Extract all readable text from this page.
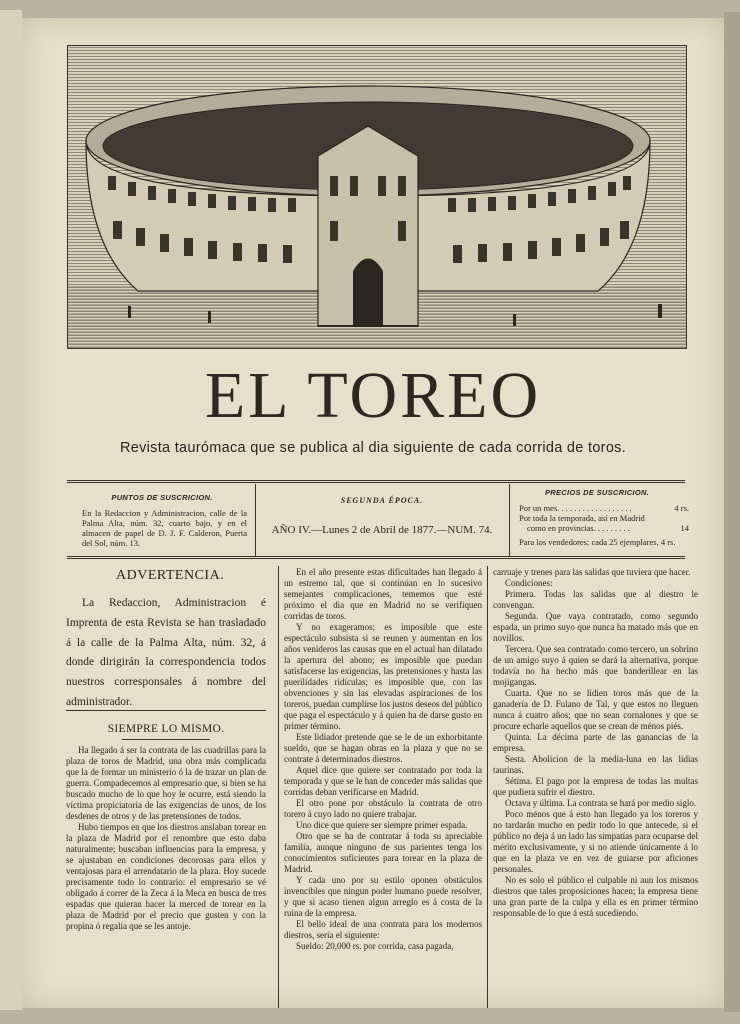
EL TOREO
Revista taurómaca que se publica al dia siguiente de cada corrida de toros.
PUNTOS DE SUSCRICION.
En la Redaccion y Administracion, calle de la Palma Alta, núm. 32, cuarto bajo, y en el almacen de papel de D. J. F. Calderon, Puerta del Sol, núm. 13.
SEGUNDA ÉPOCA.
AÑO IV.—Lunes 2 de Abril de 1877.—NUM. 74.
PRECIOS DE SUSCRICION.
Por un mes. . . . . . . . . . . . . . . . . .	4 rs.
Por toda la temporada, así en Madrid
como en provincias. . . . . . . . .	14
Para los vendedores: cada 25 ejemplares, 4 rs.
ADVERTENCIA.

La Redaccion, Administracion é Imprenta de esta Revista se han trasladado á la calle de la Palma Alta, núm. 32, á donde dirigirán la correspondencia todos nuestros corresponsales á nombre del administrador.

SIEMPRE LO MISMO.

Ha llegado á ser la contrata de las cuadrillas para la plaza de toros de Madrid, una obra más complicada que la de formar un ministerio ó la de trazar un plan de guerra. Compadecemos al empresario que, si bien se ha buscado mucho de lo que hoy le ocurre, está siendo la víctima propiciatoria de las exigencias de unos, de los desdenes de otros y de las pretensiones de todos.

Hubo tiempos en que los diestros anslaban torear en la plaza de Madrid por el renombre que esto daba naturalmente; buscaban influencias para la empresa, y se ajustaban en condiciones decorosas para ellos y ventajosas para el arrendatario de la plaza. Hoy sucede precisamente todo lo contrario: el empresario se vé obligado á correr de la Zeca á la Meca en busca de tres espadas que quieran hacer la merced de torear en la plaza de Madrid por el precio que gusten y con la propina ó regalía que se les antoje.

En el año presente estas dificultades han llegado á un estremo tal, que si continúan en lo sucesivo semejantes complicaciones, tememos que esté próximo el dia que en Madrid no se verifiquen corridas de toros.

Y no exageramos; es imposible que este espectáculo subsista si se reunen y aumentan en los años venideros las causas que en el actual han dilatado la apertura del abono; es imposible que puedan satisfacerse las exigencias, las pretensiones y hasta las puerilidades ridículas; es imposible que, con las obvenciones y sin las elevadas aspiraciones de los toreros, puedan cumplirse los justos deseos del público que paga el espectáculo y á quien ha de darse gusto en primer término.

Este lidiador pretende que se le de un exhorbitante sueldo, que se hagan obras en la plaza y que no se contrate á determinados diestros.

Aquel dice que quiere ser contratado por toda la temporada y que se le han de conceder más salidas que corridas deban verificarse en Madrid.

El otro pone por obstáculo la contrata de otro torero á cuyo lado no quiere trabajar.

Uno dice que quiere ser siempre primer espada.

Otro que se ha de contratar á toda su apreciable familia, aunque ninguno de sus parientes tenga los conocimientos suficientes para torear en la plaza de Madrid.

Y cada uno por su estilo oponen obstáculos invencibles que ningun poder humano puede resolver, y que si acaso tienen algun arreglo es á costa de la ruina de la empresa.

El bello ideal de una contrata para los modernos diestros, sería el siguiente:

Sueldo: 20,000 rs. por corrida, casa pagada,

carruaje y trenes para las salidas que tuviera que hacer.

Condiciones:

Primera. Todas las salidas que al diestro le convengan.

Segunda. Que vaya contratado, como segundo espada, un primo suyo que nunca ha matado más que en novillos.

Tercera. Que sea contratado como tercero, un sobrino de un amigo suyo á quien se dará la alternativa, porque todavía no ha hecho más que banderillear en las mojigangas.

Cuarta. Que no se lidien toros más que de la ganadería de D. Fulano de Tal, y que estos no lleguen nunca á cuatro años; que no sean cornalones y que se procure echarle aquellos que se crean de ménos piés.

Quinta. La décima parte de las ganancias de la empresa.

Sesta. Abolicion de la media-luna en las lidias taurinas.

Sétima. El pago por la empresa de todas las multas que pudiera sufrir el diestro.

Octava y última. La contrata se hará por medio siglo.

Poco ménos que á esto han llegado ya los toreros y no tardarán mucho en pedir todo lo que antecede, si el público no deja á un lado las simpatías para ocuparse del mérito exclusivamente, y si no atiende únicamente á lo que en la plaza ve en vez de guiarse por aficiones personales.

No es solo el público el culpable ni aun los mismos diestros que tales proposiciones hacen; la empresa tiene una gran parte de la culpa y ella es en primer término responsable de lo que á está sucediendo.
